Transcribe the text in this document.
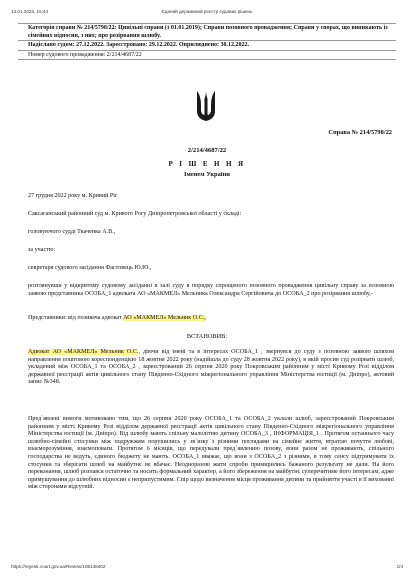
13.01.2023, 15:44	Єдиний державний реєстр судових рішень
Категорія справи № 214/5798/22: Цивільні справи (з 01.01.2019); Справи позовного провадження; Справи у спорах, що виникають із сімейних відносин, з них; про розірвання шлюбу.
Надіслано судом: 27.12.2022. Зареєстровано: 29.12.2022. Оприлюднено: 30.12.2022.
Номер судового провадження: 2/214/4687/22
Справа № 214/5798/22
2/214/4687/22
Р І Ш Е Н Н Я
Іменем України
27 грудня 2022 року м. Кривий Ріг
Саксаганський районний суд м. Кривого Рогу Дніпропетровської області у складі:
головуючого судді Ткаченка А.В.,
за участю:
секретаря судового засідання Фастовець Ю.Ю.,
розглянувши у відкритому судовому засіданні в залі суду в порядку спрощеного позовного провадження цивільну справу за позовною заявою представника ОСОБА_1 адвоката АО «МАКМЕЛ» Мельника Олександра Сергійовича до ОСОБА_2 про розірвання шлюбу,-
Представники: від позивача адвокат АО «МАКМЕЛ» Мельник О.С.,
ВСТАНОВИВ:
Адвокат АО «МАКМЕЛ» Мельник О.С., діючи від імені та в інтересах ОСОБА_1 , звернувся до суду з позовною заявою шляхом направлення поштовою кореспонденцією 18 жовтня 2022 року (надійшла до суду 28 жовтня 2022 року), в якій просив суд розірвати шлюб, укладений між ОСОБА_1 та ОСОБА_2 , зареєстрований 26 серпня 2020 року Покровським районним у місті Кривому Розі відділом державної реєстрації актів цивільного стану Південно-Східного міжрегіонального управління Міністерства юстиції (м. Дніпро), актовий запис №348.
Пред`явлені вимоги мотивовано тим, що 26 серпня 2020 року ОСОБА_1 та ОСОБА_2 уклали шлюб, зареєстрований Покровським районним у місті Кривому Розі відділом державної реєстрації актів цивільного стану Південно-Східного міжрегіонального управління Міністерства юстиції (м. Дніпро). Від шлюбу мають спільну малолітню дитину ОСОБА_3 , ІНФОРМАЦІЯ_1 . Протягом останнього часу шлюбно-сімейні стосунки між подружжям порушились у зв`язку з різними поглядами на сімейне життя, втратою почуття любові, взаєморозуміння, взаємоповаги. Протягом 6 місяців, що передували пред`явленню позову, вони разом не проживають, спільного господарства не ведуть, єдиного бюджету не мають. ОСОБА_1 вважає, що вони з ОСОБА_2 з різними, в тому сенсу підтримувати їх стосунки та зберігати шлюб на майбутнє не вбачає. Неодноразові жити спроби примирились бажаного результату не дали. На його переконання, шлюб розпався остаточно та носить формальний характер, а його збереження на майбутнє суперечитиме його інтересам, адже примушування до шлюбних відносин є неприпустимим. Спір щодо визначення місця проживання дитини та прийняття участі в її вихованні між сторонами відсутній.
https://reyestr.court.gov.ua/Review/108148402	1/4
